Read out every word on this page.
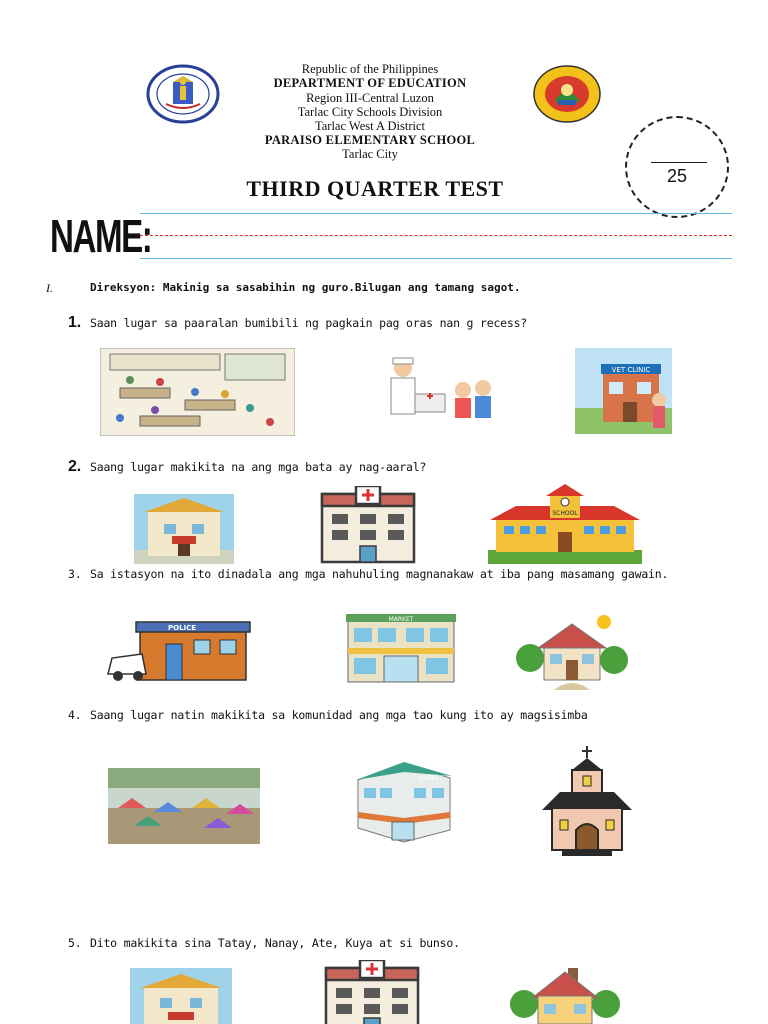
Republic of the Philippines
DEPARTMENT OF EDUCATION
Region III-Central Luzon
Tarlac City Schools Division
Tarlac West A District
PARAISO ELEMENTARY SCHOOL
Tarlac City
THIRD QUARTER TEST	25
NAME:
I.	Direksyon: Makinig sa sasabihin ng guro.Bilugan ang tamang sagot.
1. Saan lugar sa paaralan bumibili ng pagkain pag oras nan g recess?
VET CLINIC
2. Saang lugar makikita na ang mga bata ay nag-aaral?
SCHOOL
3. Sa istasyon na ito dinadala ang mga nahuhuling magnanakaw at iba pang masamang gawain.
POLICE
MARKET
4. Saang lugar natin makikita sa komunidad ang mga tao kung ito ay magsisimba
MARKET
5. Dito makikita sina Tatay, Nanay, Ate, Kuya at si bunso.
